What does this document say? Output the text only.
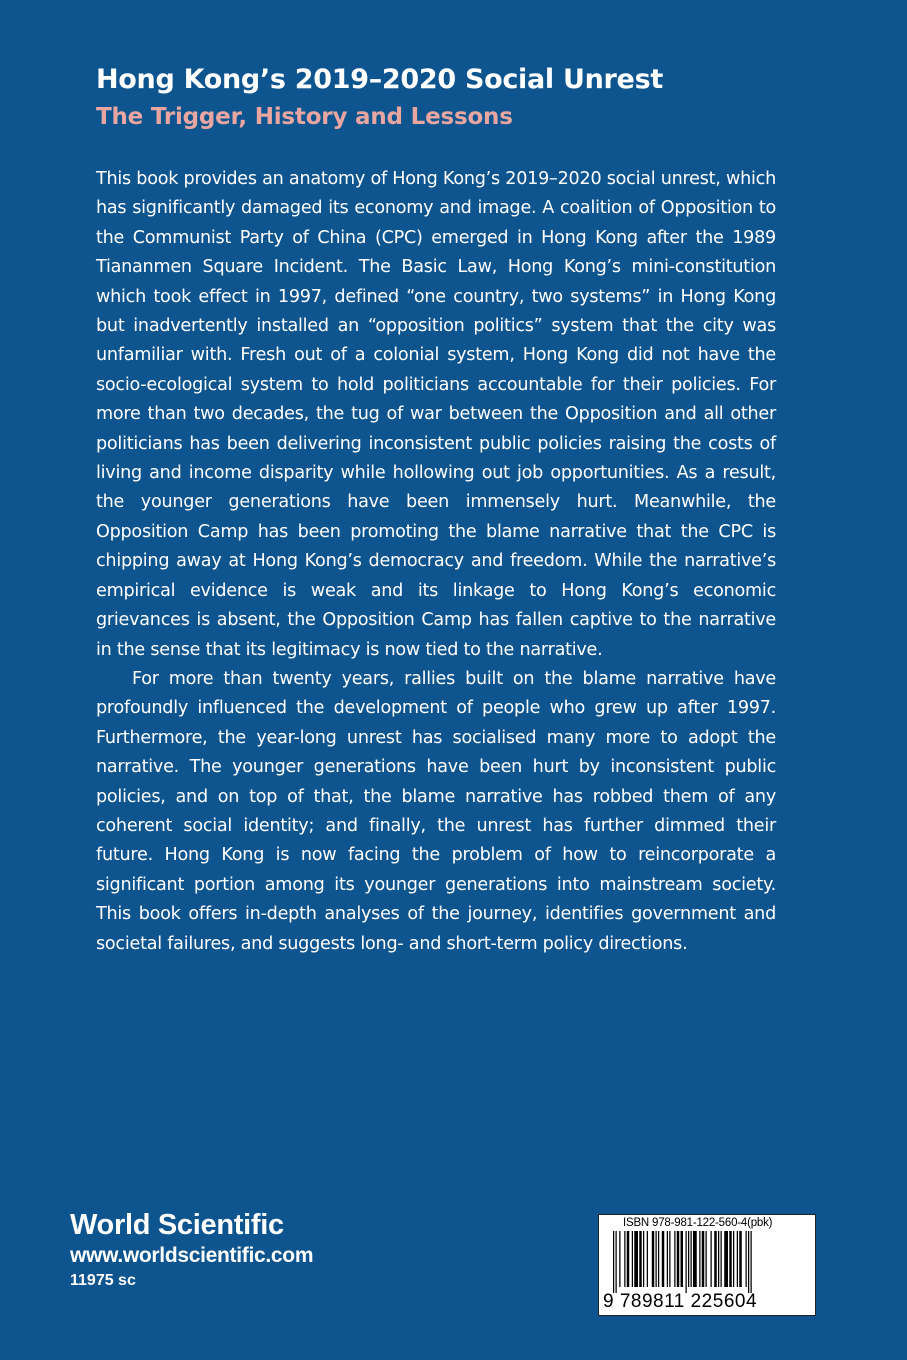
Hong Kong’s 2019–2020 Social Unrest
The Trigger, History and Lessons

This book provides an anatomy of Hong Kong’s 2019–2020 social unrest, which has significantly damaged its economy and image. A coalition of Opposition to the Communist Party of China (CPC) emerged in Hong Kong after the 1989 Tiananmen Square Incident. The Basic Law, Hong Kong’s mini-constitution which took effect in 1997, defined “one country, two systems” in Hong Kong but inadvertently installed an “opposition politics” system that the city was unfamiliar with. Fresh out of a colonial system, Hong Kong did not have the socio-ecological system to hold politicians accountable for their policies. For more than two decades, the tug of war between the Opposition and all other politicians has been delivering inconsistent public policies raising the costs of living and income disparity while hollowing out job opportunities. As a result, the younger generations have been immensely hurt. Meanwhile, the Opposition Camp has been promoting the blame narrative that the CPC is chipping away at Hong Kong’s democracy and freedom. While the narrative’s empirical evidence is weak and its linkage to Hong Kong’s economic grievances is absent, the Opposition Camp has fallen captive to the narrative in the sense that its legitimacy is now tied to the narrative.

For more than twenty years, rallies built on the blame narrative have profoundly influenced the development of people who grew up after 1997. Furthermore, the year-long unrest has socialised many more to adopt the narrative. The younger generations have been hurt by inconsistent public policies, and on top of that, the blame narrative has robbed them of any coherent social identity; and finally, the unrest has further dimmed their future. Hong Kong is now facing the problem of how to reincorporate a significant portion among its younger generations into mainstream society. This book offers in-depth analyses of the journey, identifies government and societal failures, and suggests long- and short-term policy directions.

World Scientific
www.worldscientific.com
11975 sc
ISBN 978-981-122-560-4(pbk)
9 789811 225604
